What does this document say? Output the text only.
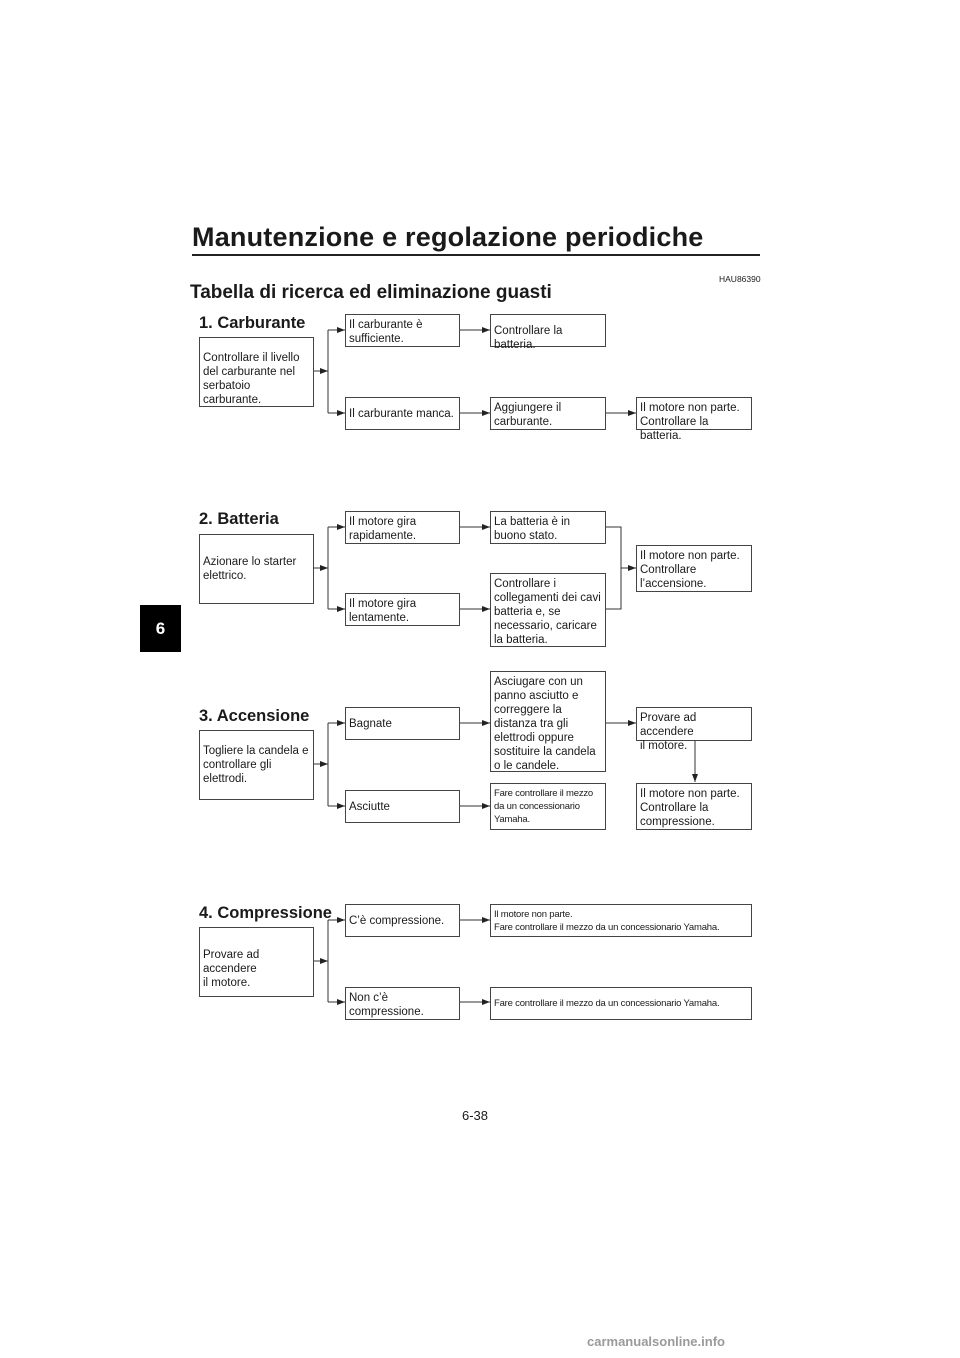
Manutenzione e regolazione periodiche
Tabella di ricerca ed eliminazione guasti
HAU86390
6
1. Carburante
Controllare il livello
del carburante nel
serbatoio carburante.
Il carburante è
sufficiente.
Controllare la batteria.
Il carburante manca.	Aggiungere il
carburante.
Il motore non parte.
Controllare la batteria.
2. Batteria
Azionare lo starter
elettrico.
Il motore gira
rapidamente.
La batteria è in
buono stato.
Il motore gira
lentamente.
Controllare i
collegamenti dei cavi
batteria e, se
necessario, caricare
la batteria.
Il motore non parte.
Controllare
l’accensione.
3. Accensione
Togliere la candela e
controllare gli
elettrodi.
Bagnate
Asciugare con un
panno asciutto e
correggere la
distanza tra gli
elettrodi oppure
sostituire la candela
o le candele.
Provare ad accendere
il motore.
Il motore non parte.
Controllare la
compressione.
Asciutte
Fare controllare il mezzo
da un concessionario
Yamaha.
4. Compressione
Provare ad accendere
il motore.
C’è compressione.
Il motore non parte.
Fare controllare il mezzo da un concessionario Yamaha.
Non c’è
compressione.
Fare controllare il mezzo da un concessionario Yamaha.
6-38
carmanualsonline.info
